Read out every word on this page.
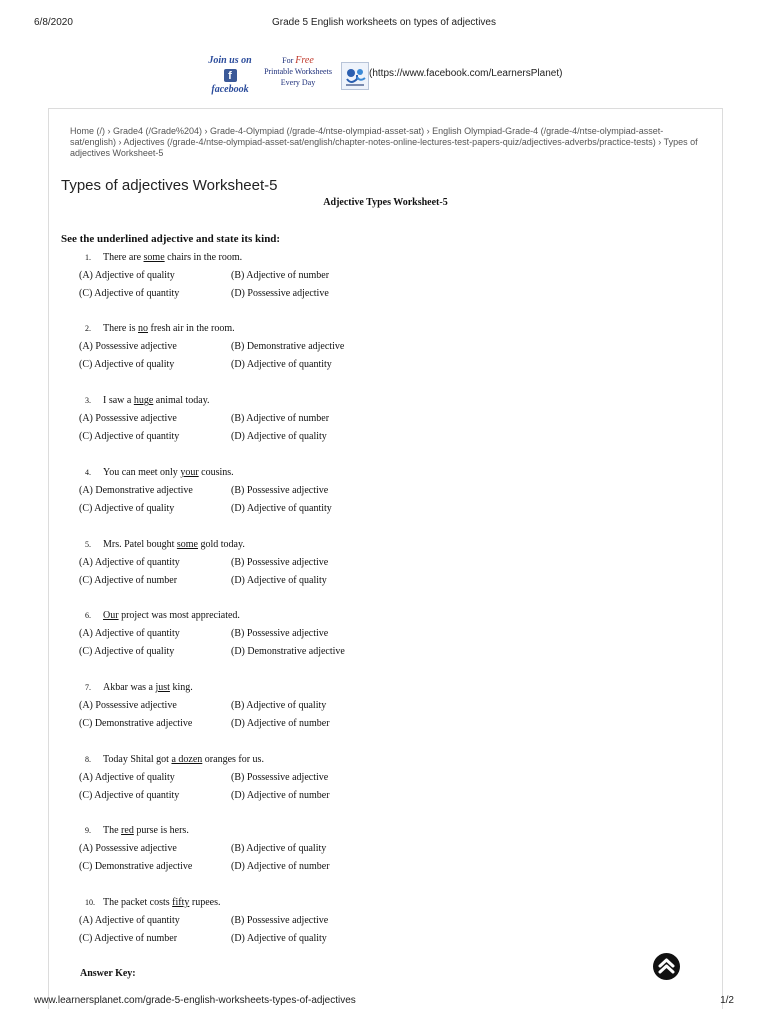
6/8/2020	Grade 5 English worksheets on types of adjectives
Join us on
f
facebook
For Free
Printable Worksheets
Every Day
(https://www.facebook.com/LearnersPlanet)
Home (/) › Grade4 (/Grade%204) › Grade-4-Olympiad (/grade-4/ntse-olympiad-asset-sat) › English Olympiad-Grade-4 (/grade-4/ntse-olympiad-asset-sat/english) › Adjectives (/grade-4/ntse-olympiad-asset-sat/english/chapter-notes-online-lectures-test-papers-quiz/adjectives-adverbs/practice-tests) › Types of adjectives Worksheet-5
Types of adjectives Worksheet-5
Adjective Types Worksheet-5
See the underlined adjective and state its kind:
1. There are some chairs in the room.
(A) Adjective of quality	(B) Adjective of number
(C) Adjective of quantity	(D) Possessive adjective
2. There is no fresh air in the room.
(A) Possessive adjective	(B) Demonstrative adjective
(C) Adjective of quality	(D) Adjective of quantity
3. I saw a huge animal today.
(A) Possessive adjective	(B) Adjective of number
(C) Adjective of quantity	(D) Adjective of quality
4. You can meet only your cousins.
(A) Demonstrative adjective	(B) Possessive adjective
(C) Adjective of quality	(D) Adjective of quantity
5. Mrs. Patel bought some gold today.
(A) Adjective of quantity	(B) Possessive adjective
(C) Adjective of number	(D) Adjective of quality
6. Our project was most appreciated.
(A) Adjective of quantity	(B) Possessive adjective
(C) Adjective of quality	(D) Demonstrative adjective
7. Akbar was a just king.
(A) Possessive adjective	(B) Adjective of quality
(C) Demonstrative adjective	(D) Adjective of number
8. Today Shital got a dozen oranges for us.
(A) Adjective of quality	(B) Possessive adjective
(C) Adjective of quantity	(D) Adjective of number
9. The red purse is hers.
(A) Possessive adjective	(B) Adjective of quality
(C) Demonstrative adjective	(D) Adjective of number
10. The packet costs fifty rupees.
(A) Adjective of quantity	(B) Possessive adjective
(C) Adjective of number	(D) Adjective of quality
Answer Key:
www.learnersplanet.com/grade-5-english-worksheets-types-of-adjectives	1/2
